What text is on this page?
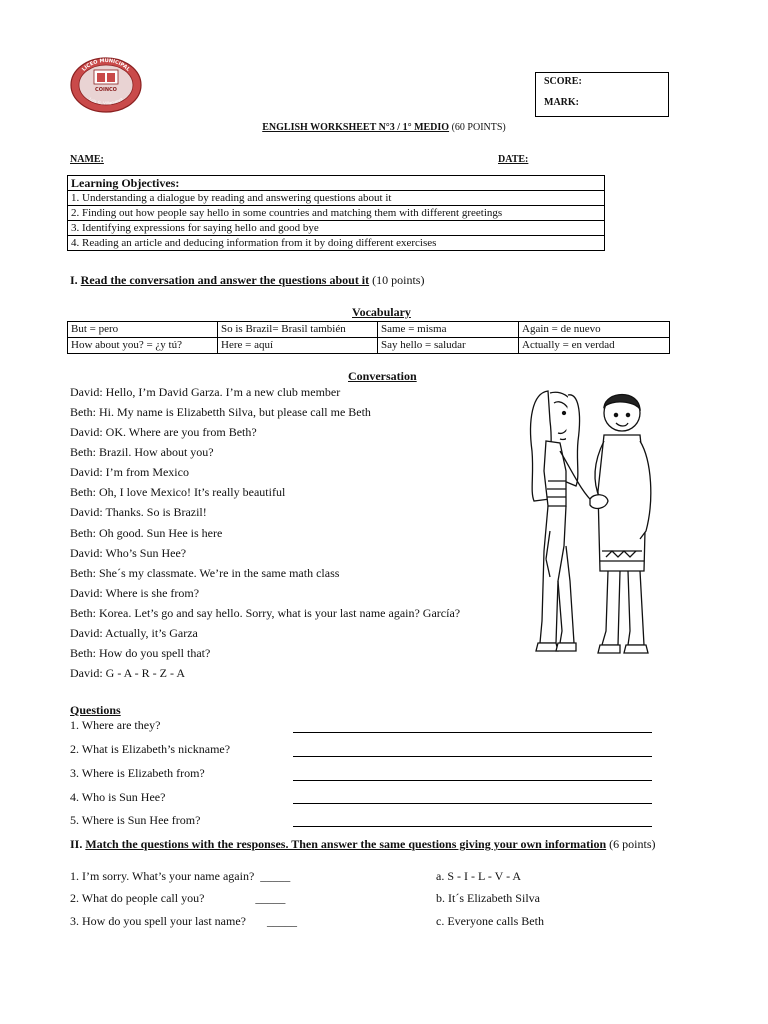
LICEO MUNICIPAL
Luis G. Villanueva
COINCO
SCORE:
MARK:
ENGLISH WORKSHEET N°3 / 1° MEDIO (60 POINTS)
NAME:	DATE:
Learning Objectives:
1. Understanding a dialogue by reading and answering questions about it
2. Finding out how people say hello in some countries and matching them with different greetings
3. Identifying expressions for saying hello and good bye
4. Reading an article and deducing information from it by doing different exercises
I. Read the conversation and answer the questions about it (10 points)
Vocabulary
But = pero	So is Brazil= Brasil también	Same = misma	Again = de nuevo
How about you? = ¿y tú?	Here = aquí	Say hello = saludar	Actually = en verdad
Conversation
David: Hello, I’m David Garza. I’m a new club member
Beth: Hi. My name is Elizabetth Silva, but please call me Beth
David: OK. Where are you from Beth?
Beth: Brazil. How about you?
David: I’m from Mexico
Beth: Oh, I love Mexico! It’s really beautiful
David: Thanks. So is Brazil!
Beth: Oh good. Sun Hee is here
David: Who’s Sun Hee?
Beth: She´s my classmate. We’re in the same math class
David: Where is she from?
Beth: Korea. Let’s go and say hello. Sorry, what is your last name again? García?
David: Actually, it’s Garza
Beth: How do you spell that?
David: G - A - R - Z - A
Questions
1. Where are they?
2. What is Elizabeth’s nickname?
3. Where is Elizabeth from?
4. Who is Sun Hee?
5. Where is Sun Hee from?
II. Match the questions with the responses. Then answer the same questions giving your own information (6 points)
1. I’m sorry. What’s your name again?  _____
2. What do people call you?                 _____
3. How do you spell your last name?       _____
a. S - I - L - V - A
b. It´s Elizabeth Silva
c. Everyone calls Beth
